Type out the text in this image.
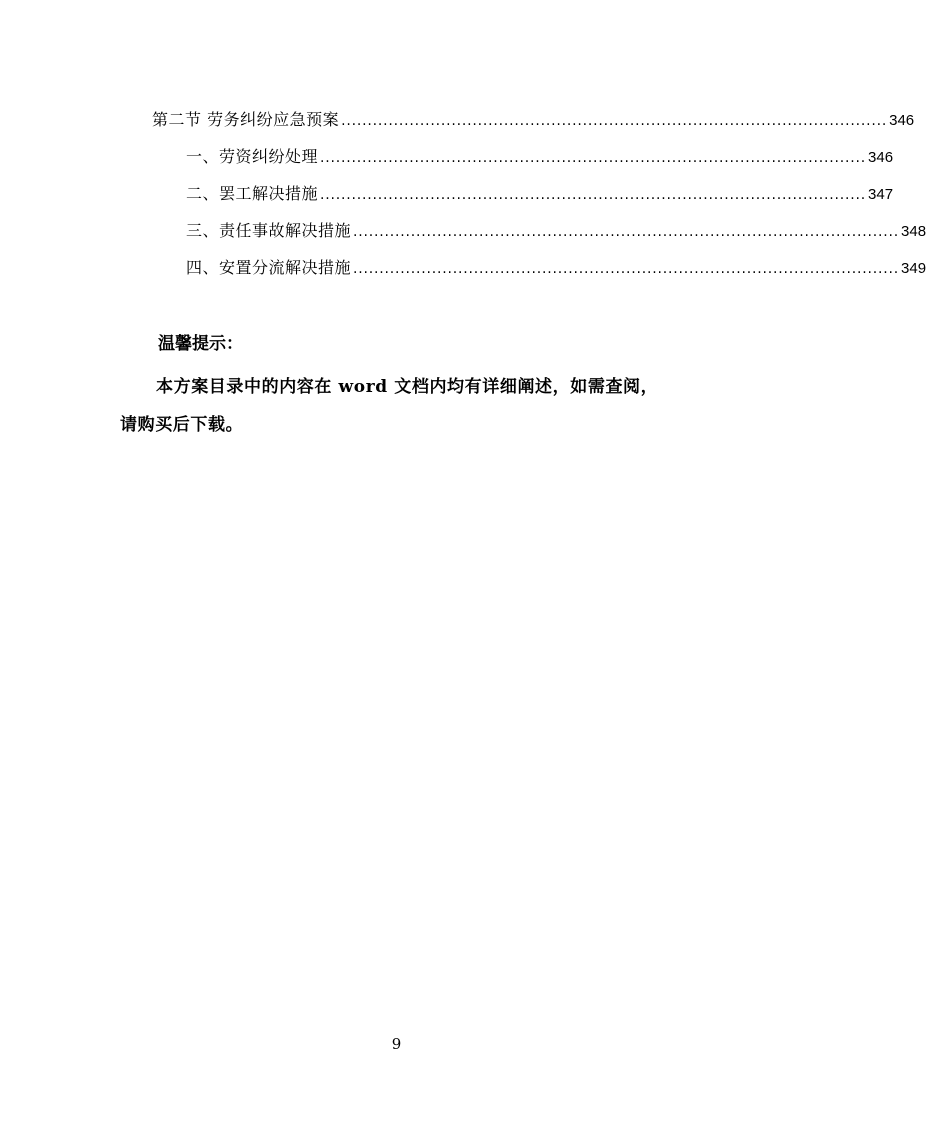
第二节 劳务纠纷应急预案 ........................................................................................................ 346
一、劳资纠纷处理 ........................................................................................................ 346
二、罢工解决措施 ........................................................................................................ 347
三、责任事故解决措施 ........................................................................................................ 348
四、安置分流解决措施 ........................................................................................................ 349
温馨提示：
本方案目录中的内容在 word 文档内均有详细阐述，如需查阅，请购买后下载。
9
